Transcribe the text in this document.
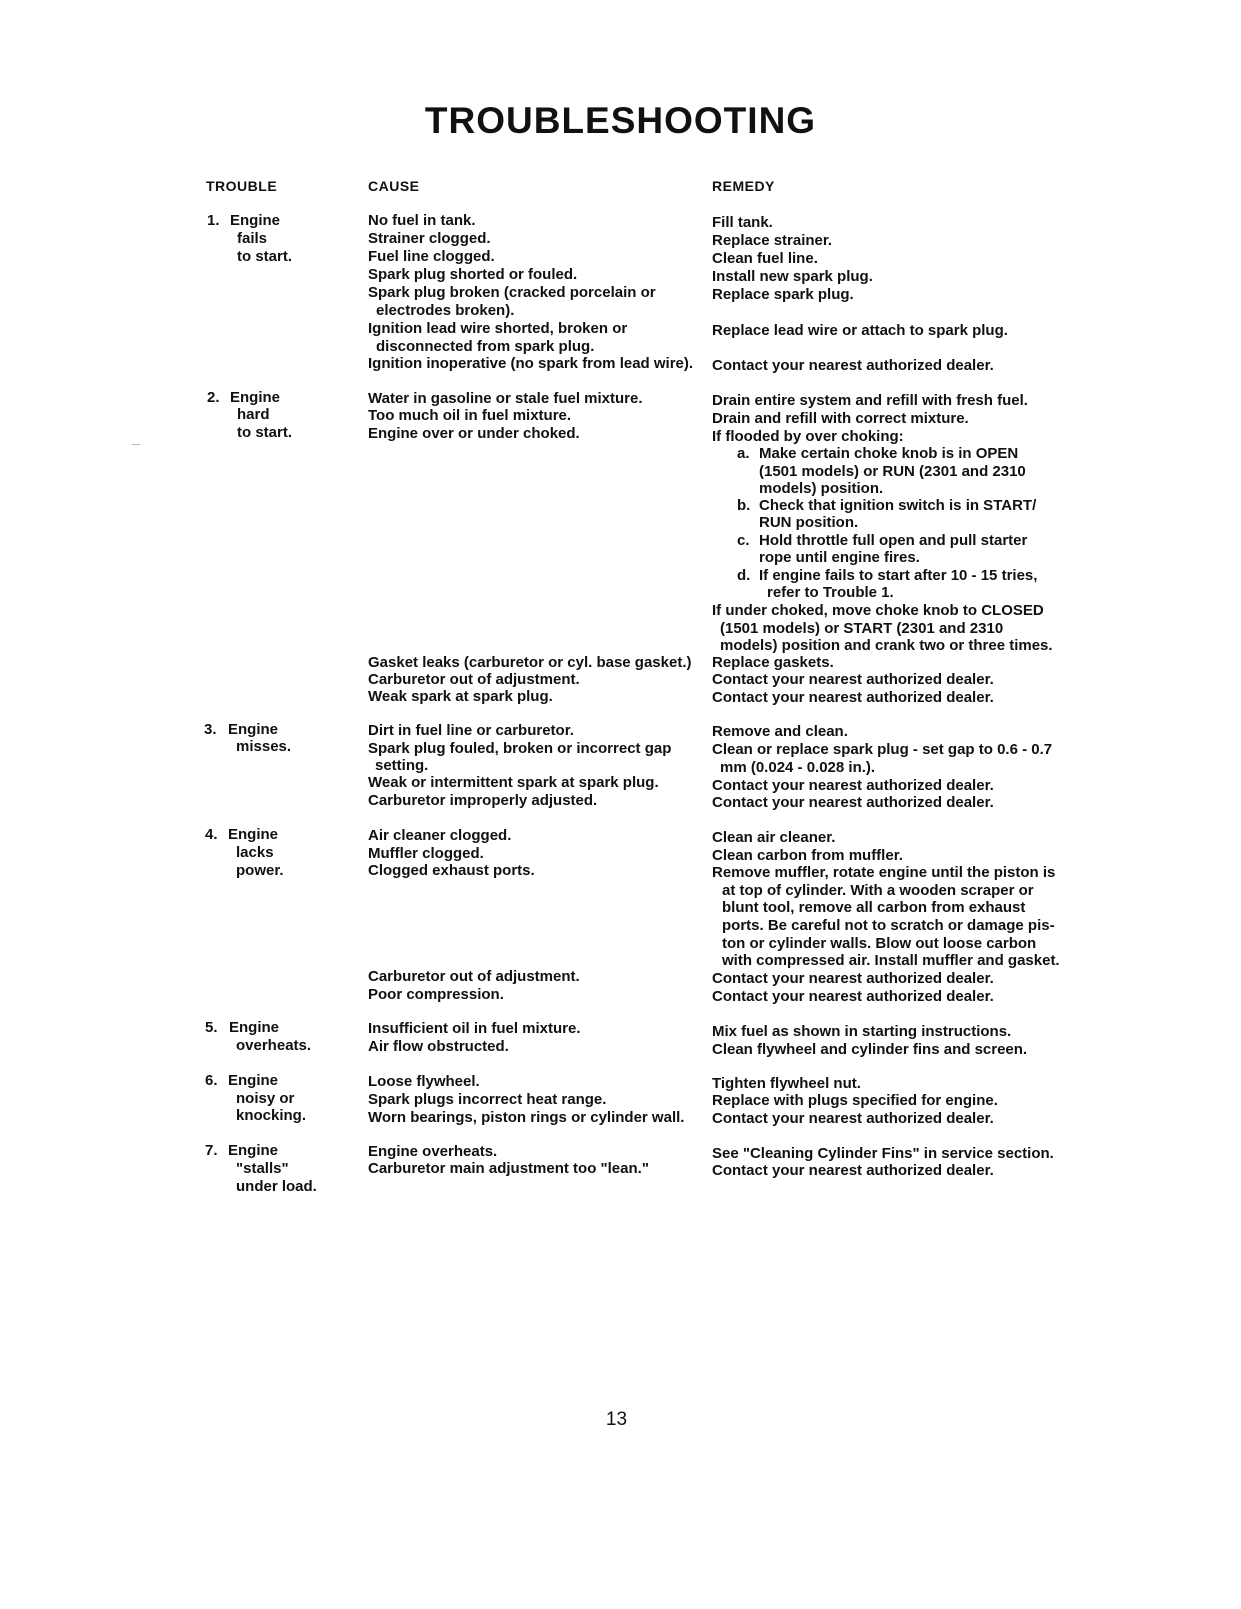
TROUBLESHOOTING
TROUBLE	CAUSE	REMEDY
1. Engine
fails
to start.
No fuel in tank.
Strainer clogged.
Fuel line clogged.
Spark plug shorted or fouled.
Spark plug broken (cracked porcelain or
electrodes broken).
Ignition lead wire shorted, broken or
disconnected from spark plug.
Ignition inoperative (no spark from lead wire).
Fill tank.
Replace strainer.
Clean fuel line.
Install new spark plug.
Replace spark plug.
Replace lead wire or attach to spark plug.
Contact your nearest authorized dealer.
2. Engine
hard
to start.
Water in gasoline or stale fuel mixture.
Too much oil in fuel mixture.
Engine over or under choked.
Gasket leaks (carburetor or cyl. base gasket.)
Carburetor out of adjustment.
Weak spark at spark plug.
Drain entire system and refill with fresh fuel.
Drain and refill with correct mixture.
If flooded by over choking:
a. Make certain choke knob is in OPEN
(1501 models) or RUN (2301 and 2310
models) position.
b. Check that ignition switch is in START/
RUN position.
c. Hold throttle full open and pull starter
rope until engine fires.
d. If engine fails to start after 10 - 15 tries,
refer to Trouble 1.
If under choked, move choke knob to CLOSED
(1501 models) or START (2301 and 2310
models) position and crank two or three times.
Replace gaskets.
Contact your nearest authorized dealer.
Contact your nearest authorized dealer.
3. Engine
misses.
Dirt in fuel line or carburetor.
Spark plug fouled, broken or incorrect gap
setting.
Weak or intermittent spark at spark plug.
Carburetor improperly adjusted.
Remove and clean.
Clean or replace spark plug - set gap to 0.6 - 0.7
mm (0.024 - 0.028 in.).
Contact your nearest authorized dealer.
Contact your nearest authorized dealer.
4. Engine
lacks
power.
Air cleaner clogged.
Muffler clogged.
Clogged exhaust ports.
Carburetor out of adjustment.
Poor compression.
Clean air cleaner.
Clean carbon from muffler.
Remove muffler, rotate engine until the piston is
at top of cylinder. With a wooden scraper or
blunt tool, remove all carbon from exhaust
ports. Be careful not to scratch or damage pis-
ton or cylinder walls. Blow out loose carbon
with compressed air. Install muffler and gasket.
Contact your nearest authorized dealer.
Contact your nearest authorized dealer.
5. Engine
overheats.
Insufficient oil in fuel mixture.
Air flow obstructed.
Mix fuel as shown in starting instructions.
Clean flywheel and cylinder fins and screen.
6. Engine
noisy or
knocking.
Loose flywheel.
Spark plugs incorrect heat range.
Worn bearings, piston rings or cylinder wall.
Tighten flywheel nut.
Replace with plugs specified for engine.
Contact your nearest authorized dealer.
7. Engine
"stalls"
under load.
Engine overheats.
Carburetor main adjustment too "lean."
See "Cleaning Cylinder Fins" in service section.
Contact your nearest authorized dealer.
13
